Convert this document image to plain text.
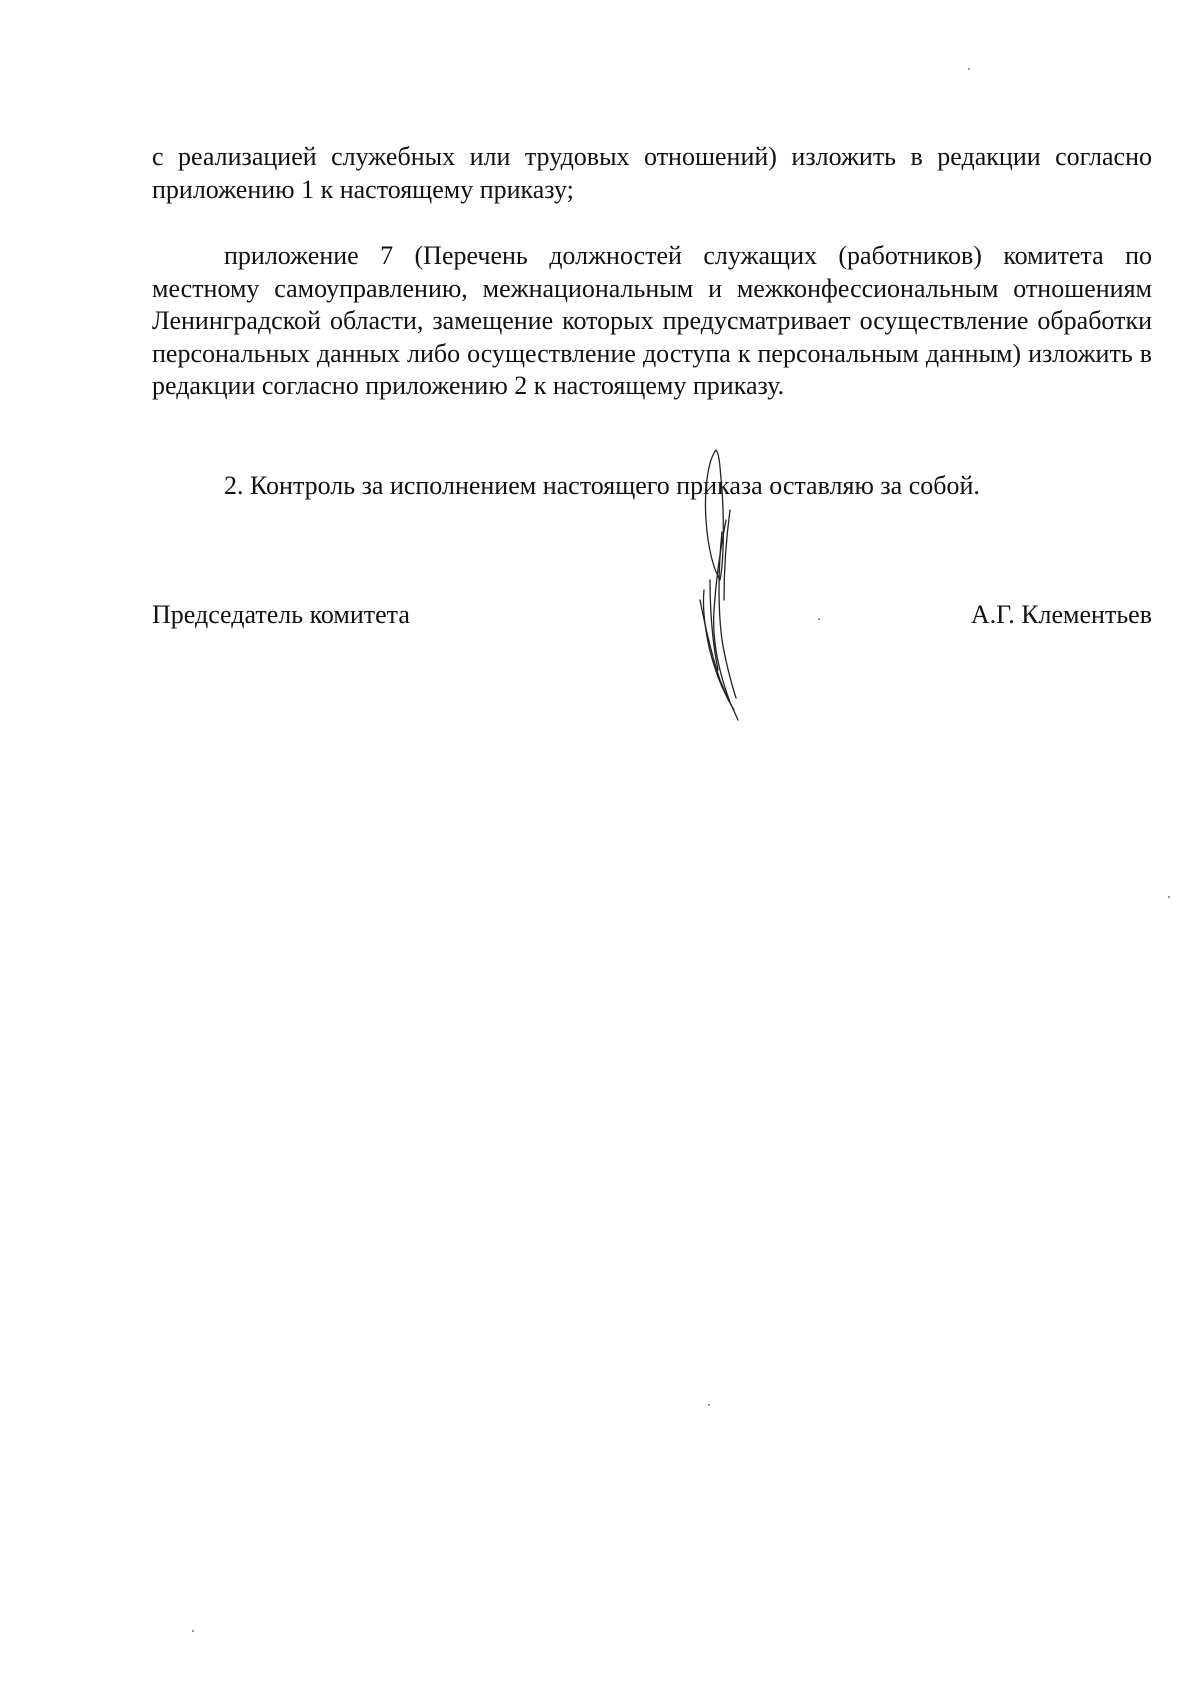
с реализацией служебных или трудовых отношений) изложить в редакции согласно приложению 1 к настоящему приказу;

приложение 7 (Перечень должностей служащих (работников) комитета по местному самоуправлению, межнациональным и межконфессиональным отношениям Ленинградской области, замещение которых предусматривает осуществление обработки персональных данных либо осуществление доступа к персональным данным) изложить в редакции согласно приложению 2 к настоящему приказу.

2. Контроль за исполнением настоящего приказа оставляю за собой.

Председатель комитета	А.Г. Клементьев
